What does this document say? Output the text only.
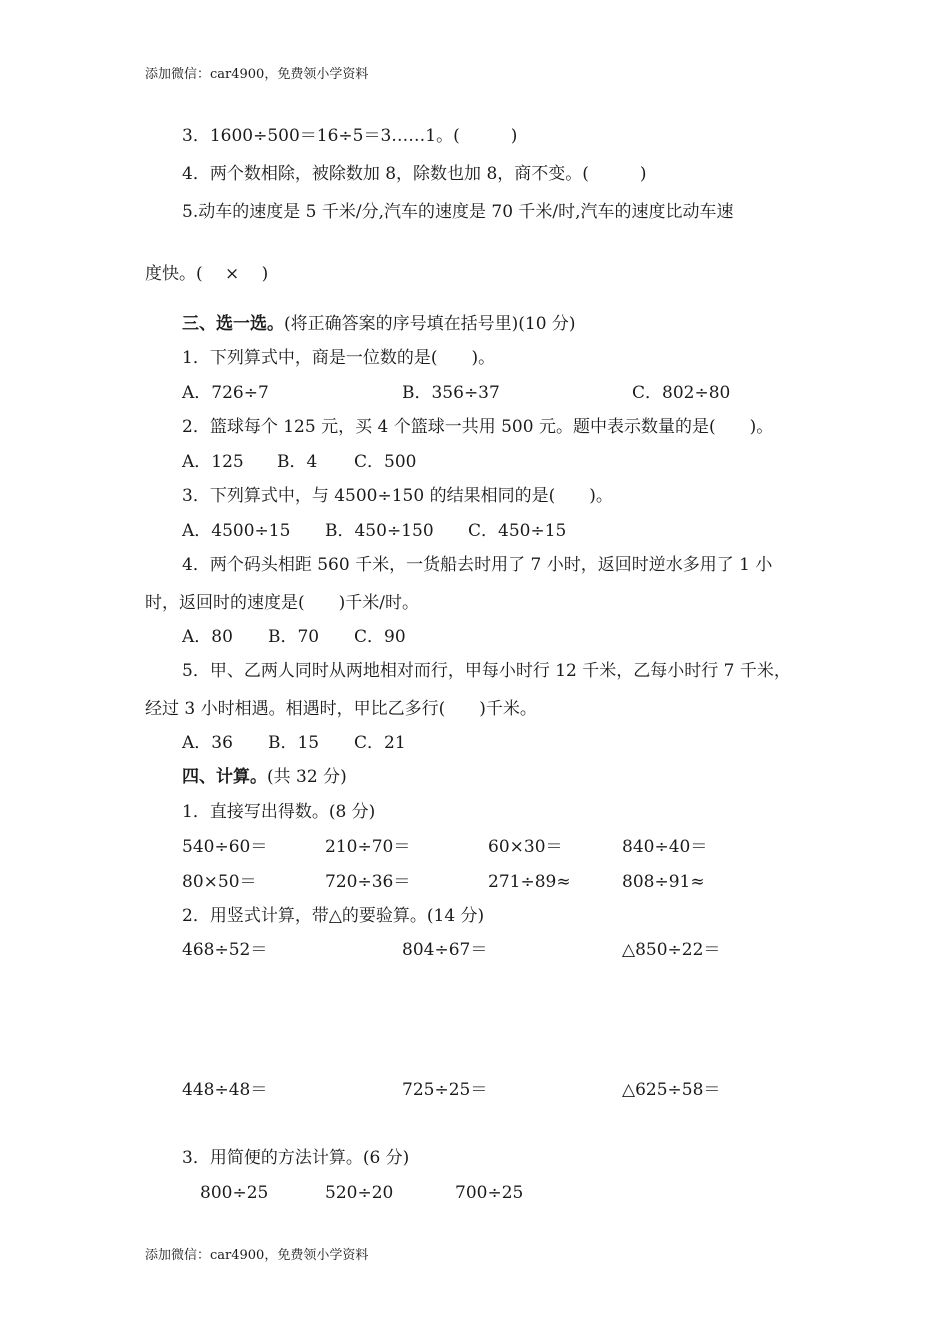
添加微信：car4900，免费领小学资料
3．1600÷500＝16÷5＝3……1。(　　　)
4．两个数相除，被除数加 8，除数也加 8，商不变。(　　　)
5.动车的速度是 5 千米/分,汽车的速度是 70 千米/时,汽车的速度比动车速
度快。(　 ×　 )
三、选一选。(将正确答案的序号填在括号里)(10 分)
1．下列算式中，商是一位数的是(　　)。
A．726÷7	B．356÷37	C．802÷80
2．篮球每个 125 元，买 4 个篮球一共用 500 元。题中表示数量的是(　　)。
A．125 B．4 C．500
3．下列算式中，与 4500÷150 的结果相同的是(　　)。
A．4500÷15 B．450÷150 C．450÷15
4．两个码头相距 560 千米，一货船去时用了 7 小时，返回时逆水多用了 1 小
时，返回时的速度是(　　)千米/时。
A．80 B．70 C．90
5．甲、乙两人同时从两地相对而行，甲每小时行 12 千米，乙每小时行 7 千米，
经过 3 小时相遇。相遇时，甲比乙多行(　　)千米。
A．36 B．15 C．21
四、计算。(共 32 分)
1．直接写出得数。(8 分)
540÷60＝	210÷70＝	60×30＝	840÷40＝
80×50＝	720÷36＝	271÷89≈	808÷91≈
2．用竖式计算，带△的要验算。(14 分)
468÷52＝	804÷67＝	△850÷22＝
448÷48＝	725÷25＝	△625÷58＝
3．用简便的方法计算。(6 分)
800÷25	520÷20	700÷25
添加微信：car4900，免费领小学资料
